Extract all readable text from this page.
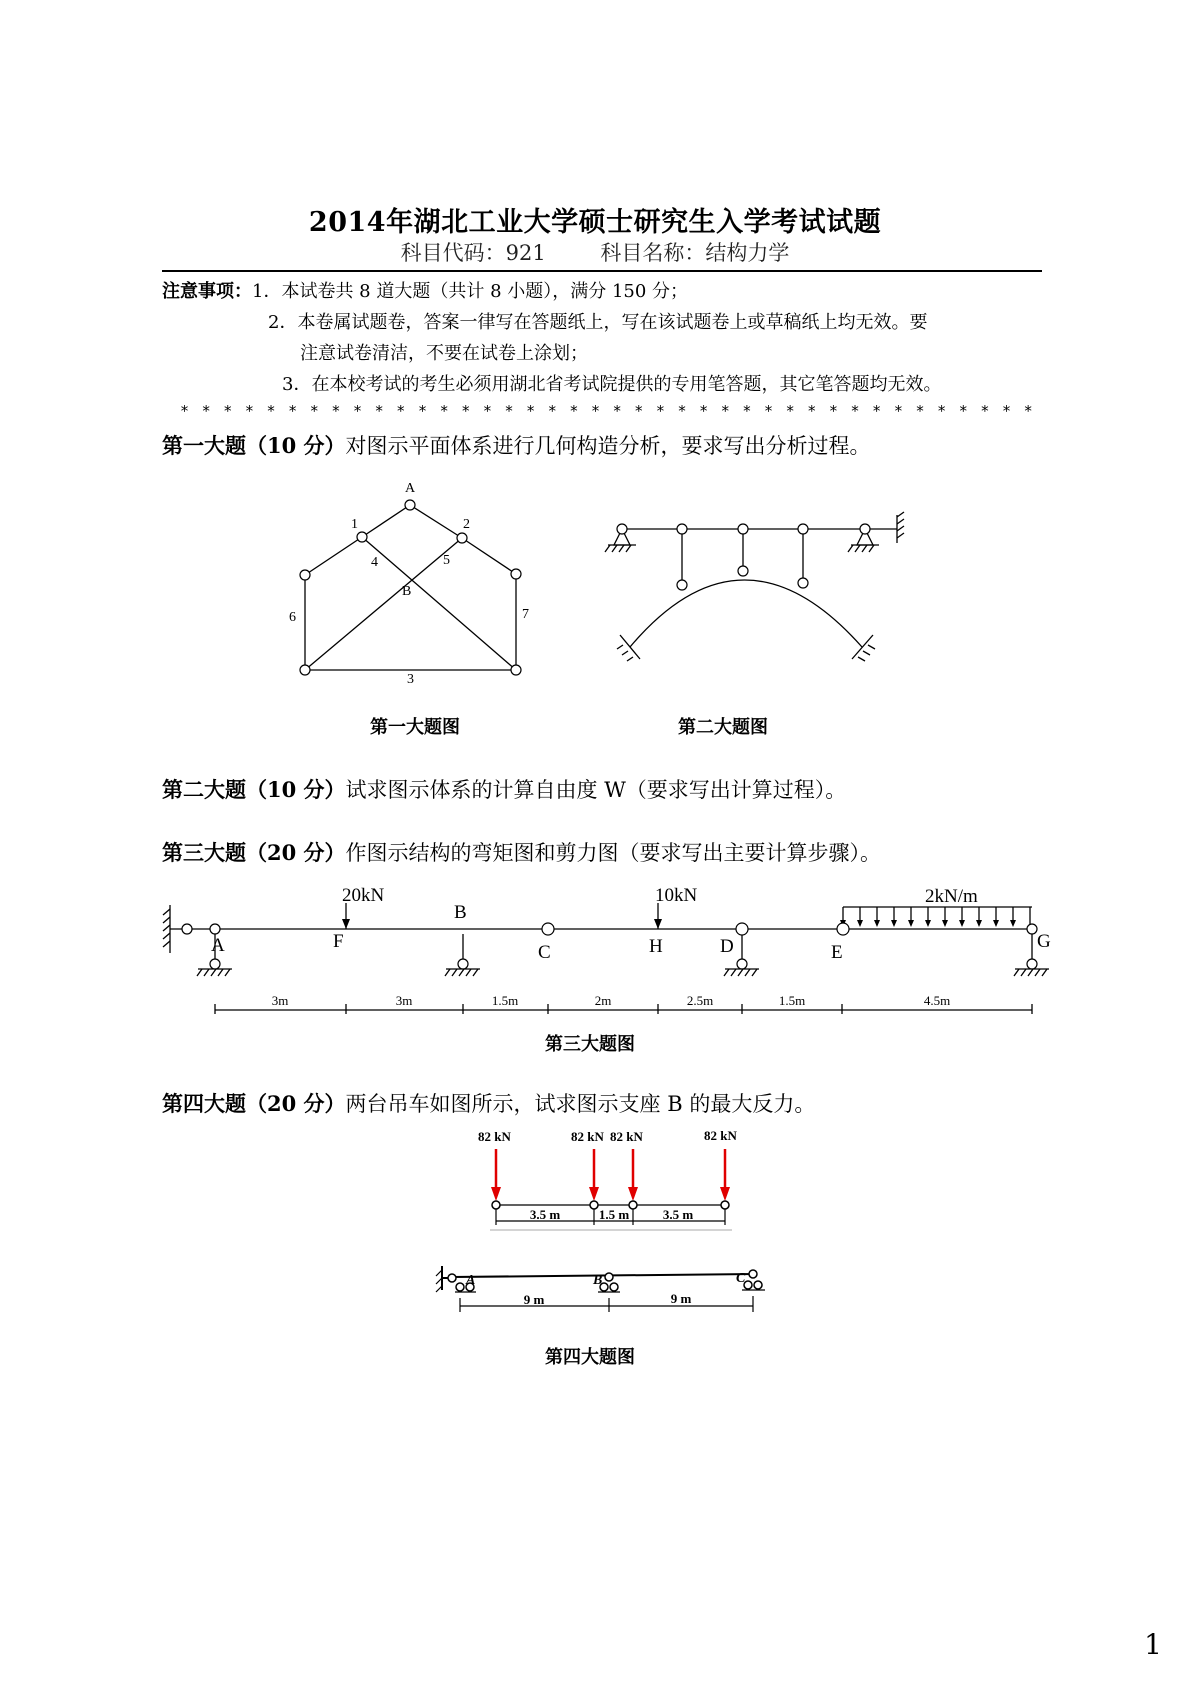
2014年湖北工业大学硕士研究生入学考试试题
科目代码：921	科目名称：结构力学
注意事项：1．本试卷共 8 道大题（共计 8 小题），满分 150 分；
2．本卷属试题卷，答案一律写在答题纸上，写在该试题卷上或草稿纸上均无效。要
注意试卷清洁，不要在试卷上涂划；
3．在本校考试的考生必须用湖北省考试院提供的专用笔答题，其它笔答题均无效。
****************************************
第一大题（10 分）对图示平面体系进行几何构造分析，要求写出分析过程。
A
1	2
4	5
B
6	7
3
第一大题图	第二大题图
第二大题（10 分）试求图示体系的计算自由度 W（要求写出计算过程）。
第三大题（20 分）作图示结构的弯矩图和剪力图（要求写出主要计算步骤）。
20kN	10kN	2kN/m
A	F
B
C	H	D	E
G
3m	3m	1.5m	2m	2.5m	1.5m	4.5m
第三大题图
第四大题（20 分）两台吊车如图所示，试求图示支座 B 的最大反力。
82 kN	82 kN 82 kN	82 kN
3.5 m	1.5 m	3.5 m
A	B	C
9 m	9 m
第四大题图
1
